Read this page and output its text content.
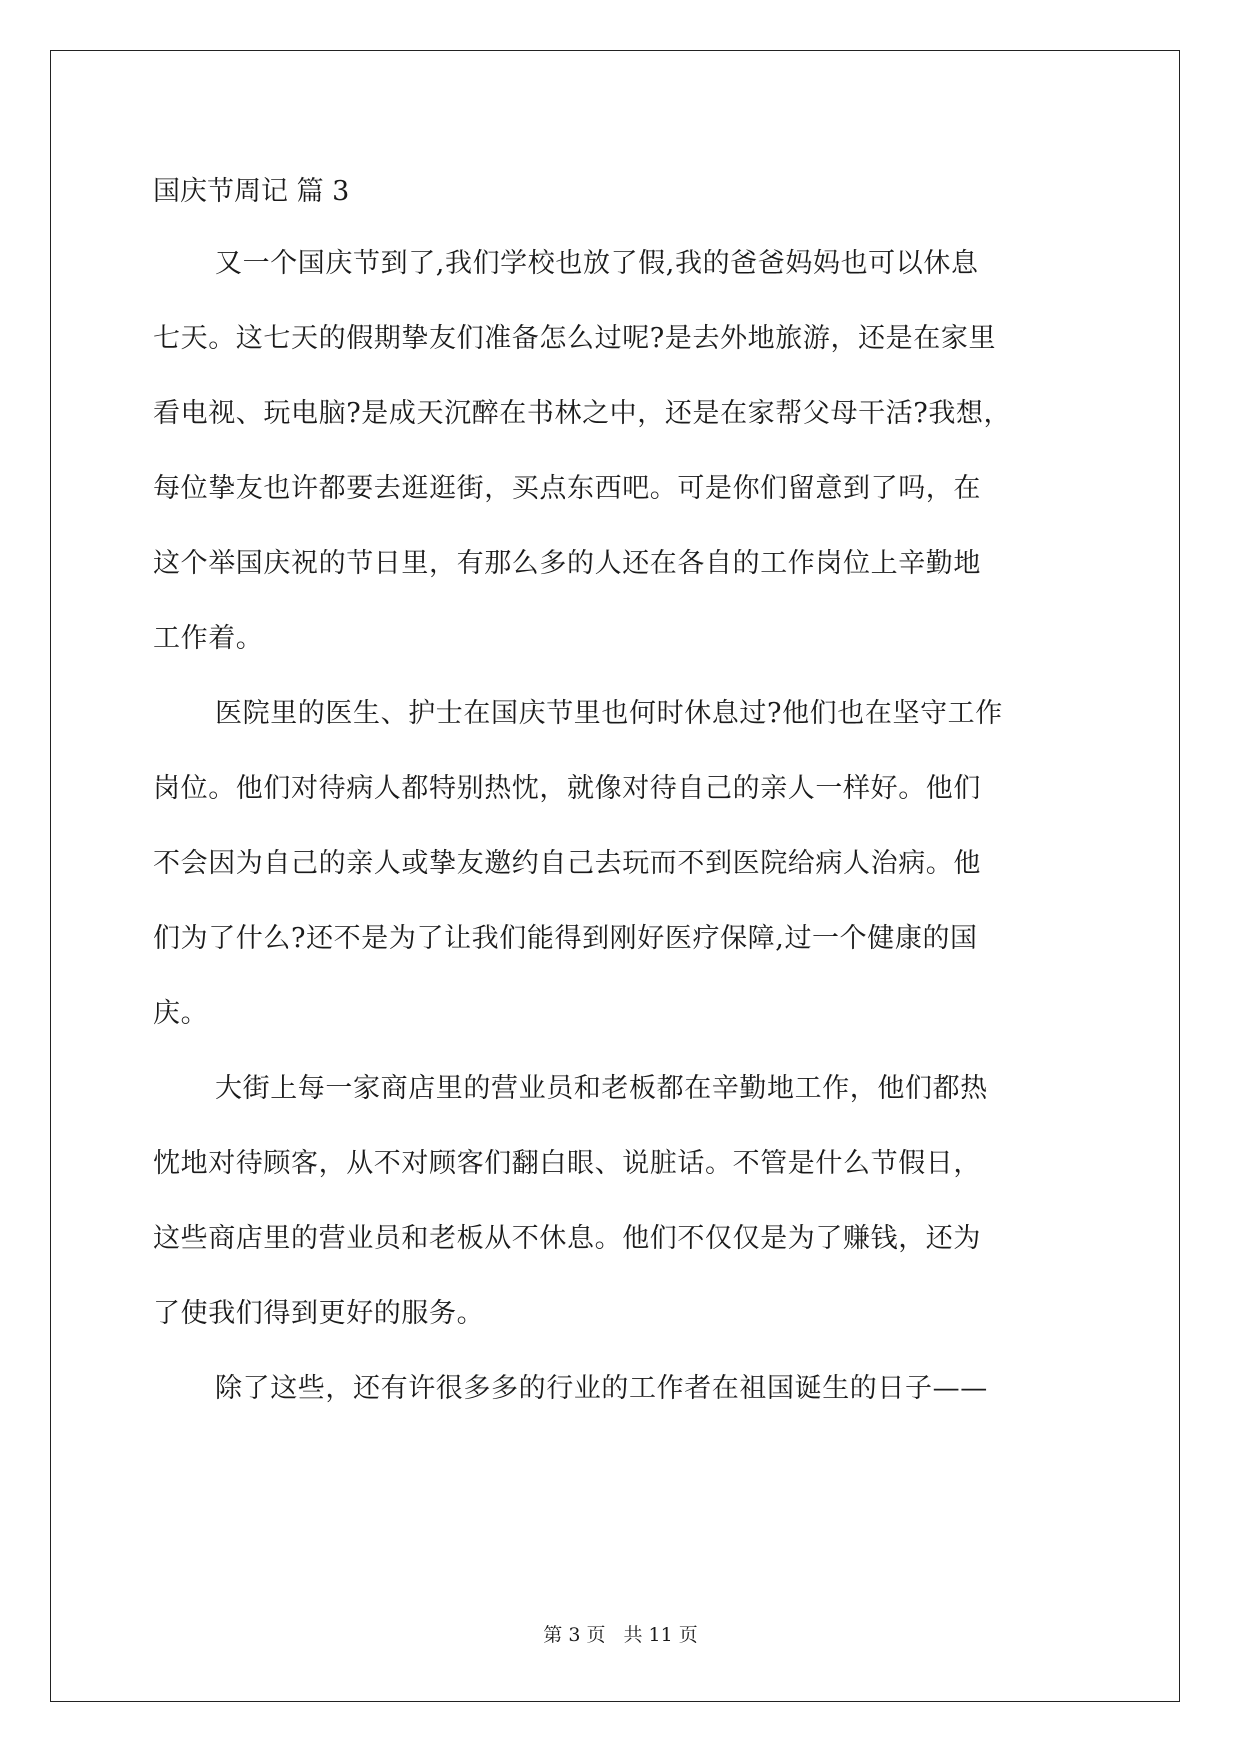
国庆节周记 篇 3
又一个国庆节到了,我们学校也放了假,我的爸爸妈妈也可以休息
七天。这七天的假期挚友们准备怎么过呢?是去外地旅游，还是在家里
看电视、玩电脑?是成天沉醉在书林之中，还是在家帮父母干活?我想，
每位挚友也许都要去逛逛街，买点东西吧。可是你们留意到了吗，在
这个举国庆祝的节日里，有那么多的人还在各自的工作岗位上辛勤地
工作着。
医院里的医生、护士在国庆节里也何时休息过?他们也在坚守工作
岗位。他们对待病人都特别热忱，就像对待自己的亲人一样好。他们
不会因为自己的亲人或挚友邀约自己去玩而不到医院给病人治病。他
们为了什么?还不是为了让我们能得到刚好医疗保障,过一个健康的国
庆。
大街上每一家商店里的营业员和老板都在辛勤地工作，他们都热
忱地对待顾客，从不对顾客们翻白眼、说脏话。不管是什么节假日，
这些商店里的营业员和老板从不休息。他们不仅仅是为了赚钱，还为
了使我们得到更好的服务。
除了这些，还有许很多多的行业的工作者在祖国诞生的日子——
第 3 页 共 11 页
